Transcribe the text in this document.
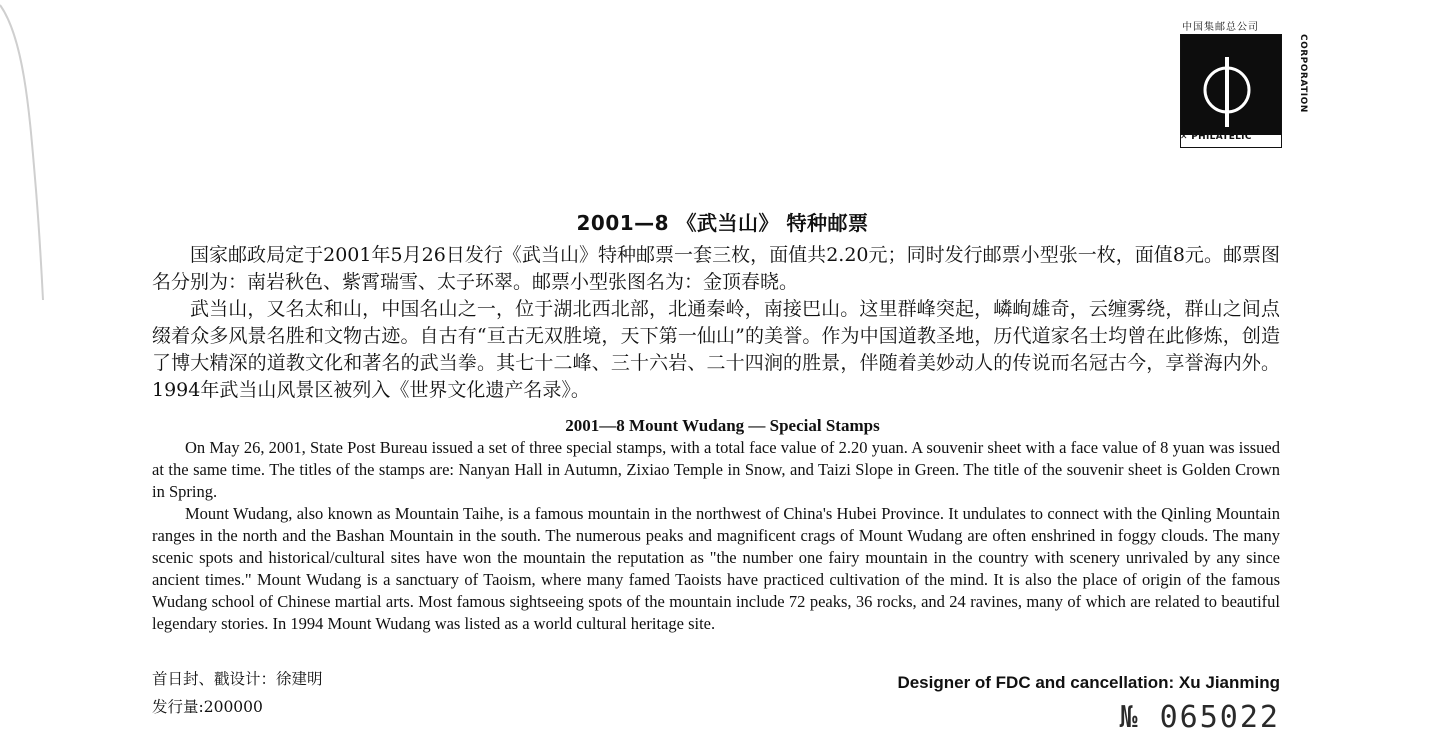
中国集邮总公司
CORPORATION
✕ PHILATELIC
2001—8 《武当山》 特种邮票

国家邮政局定于2001年5月26日发行《武当山》特种邮票一套三枚，面值共2.20元；同时发行邮票小型张一枚，面值8元。邮票图名分别为：南岩秋色、紫霄瑞雪、太子环翠。邮票小型张图名为：金顶春晓。

武当山，又名太和山，中国名山之一，位于湖北西北部，北通秦岭，南接巴山。这里群峰突起，嶙峋雄奇，云缠雾绕，群山之间点缀着众多风景名胜和文物古迹。自古有“亘古无双胜境，天下第一仙山”的美誉。作为中国道教圣地，历代道家名士均曾在此修炼，创造了博大精深的道教文化和著名的武当拳。其七十二峰、三十六岩、二十四涧的胜景，伴随着美妙动人的传说而名冠古今，享誉海内外。1994年武当山风景区被列入《世界文化遗产名录》。

2001—8 Mount Wudang — Special Stamps

On May 26, 2001, State Post Bureau issued a set of three special stamps, with a total face value of 2.20 yuan. A souvenir sheet with a face value of 8 yuan was issued at the same time. The titles of the stamps are: Nanyan Hall in Autumn, Zixiao Temple in Snow, and Taizi Slope in Green. The title of the souvenir sheet is Golden Crown in Spring.

Mount Wudang, also known as Mountain Taihe, is a famous mountain in the northwest of China's Hubei Province. It undulates to connect with the Qinling Mountain ranges in the north and the Bashan Mountain in the south. The numerous peaks and magnificent crags of Mount Wudang are often enshrined in foggy clouds. The many scenic spots and historical/cultural sites have won the mountain the reputation as "the number one fairy mountain in the country with scenery unrivaled by any since ancient times." Mount Wudang is a sanctuary of Taoism, where many famed Taoists have practiced cultivation of the mind. It is also the place of origin of the famous Wudang school of Chinese martial arts. Most famous sightseeing spots of the mountain include 72 peaks, 36 rocks, and 24 ravines, many of which are related to beautiful legendary stories. In 1994 Mount Wudang was listed as a world cultural heritage site.

首日封、戳设计：徐建明
发行量:200000
Designer of FDC and cancellation: Xu Jianming
№ 065022
